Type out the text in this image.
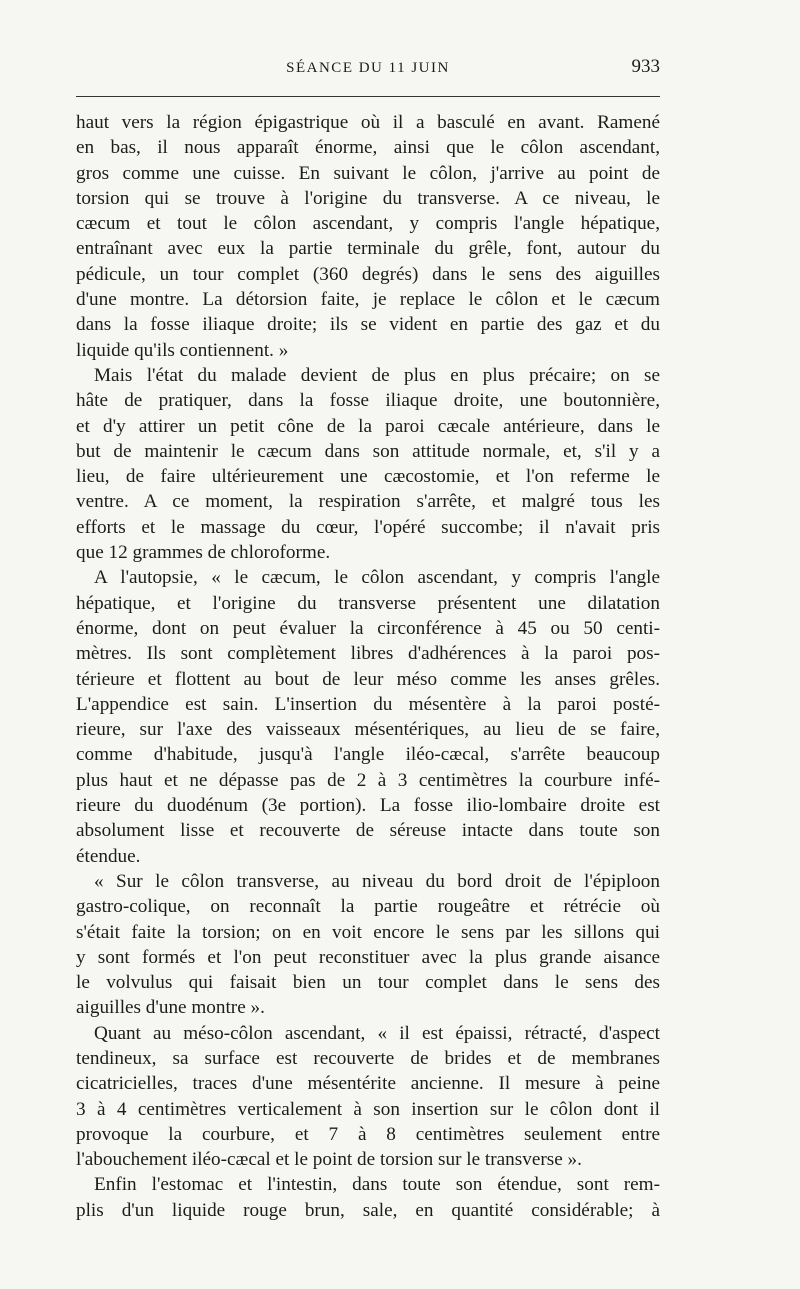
SÉANCE DU 11 JUIN	933
haut vers la région épigastrique où il a basculé en avant. Ramené
en bas, il nous apparaît énorme, ainsi que le côlon ascendant,
gros comme une cuisse. En suivant le côlon, j'arrive au point de
torsion qui se trouve à l'origine du transverse. A ce niveau, le
cæcum et tout le côlon ascendant, y compris l'angle hépatique,
entraînant avec eux la partie terminale du grêle, font, autour du
pédicule, un tour complet (360 degrés) dans le sens des aiguilles
d'une montre. La détorsion faite, je replace le côlon et le cæcum
dans la fosse iliaque droite; ils se vident en partie des gaz et du
liquide qu'ils contiennent. »
Mais l'état du malade devient de plus en plus précaire; on se
hâte de pratiquer, dans la fosse iliaque droite, une boutonnière,
et d'y attirer un petit cône de la paroi cæcale antérieure, dans le
but de maintenir le cæcum dans son attitude normale, et, s'il y a
lieu, de faire ultérieurement une cæcostomie, et l'on referme le
ventre. A ce moment, la respiration s'arrête, et malgré tous les
efforts et le massage du cœur, l'opéré succombe; il n'avait pris
que 12 grammes de chloroforme.
A l'autopsie, « le cæcum, le côlon ascendant, y compris l'angle
hépatique, et l'origine du transverse présentent une dilatation
énorme, dont on peut évaluer la circonférence à 45 ou 50 centi-
mètres. Ils sont complètement libres d'adhérences à la paroi pos-
térieure et flottent au bout de leur méso comme les anses grêles.
L'appendice est sain. L'insertion du mésentère à la paroi posté-
rieure, sur l'axe des vaisseaux mésentériques, au lieu de se faire,
comme d'habitude, jusqu'à l'angle iléo-cæcal, s'arrête beaucoup
plus haut et ne dépasse pas de 2 à 3 centimètres la courbure infé-
rieure du duodénum (3e portion). La fosse ilio-lombaire droite est
absolument lisse et recouverte de séreuse intacte dans toute son
étendue.
« Sur le côlon transverse, au niveau du bord droit de l'épiploon
gastro-colique, on reconnaît la partie rougeâtre et rétrécie où
s'était faite la torsion; on en voit encore le sens par les sillons qui
y sont formés et l'on peut reconstituer avec la plus grande aisance
le volvulus qui faisait bien un tour complet dans le sens des
aiguilles d'une montre ».
Quant au méso-côlon ascendant, « il est épaissi, rétracté, d'aspect
tendineux, sa surface est recouverte de brides et de membranes
cicatricielles, traces d'une mésentérite ancienne. Il mesure à peine
3 à 4 centimètres verticalement à son insertion sur le côlon dont il
provoque la courbure, et 7 à 8 centimètres seulement entre
l'abouchement iléo-cæcal et le point de torsion sur le transverse ».
Enfin l'estomac et l'intestin, dans toute son étendue, sont rem-
plis d'un liquide rouge brun, sale, en quantité considérable; à
